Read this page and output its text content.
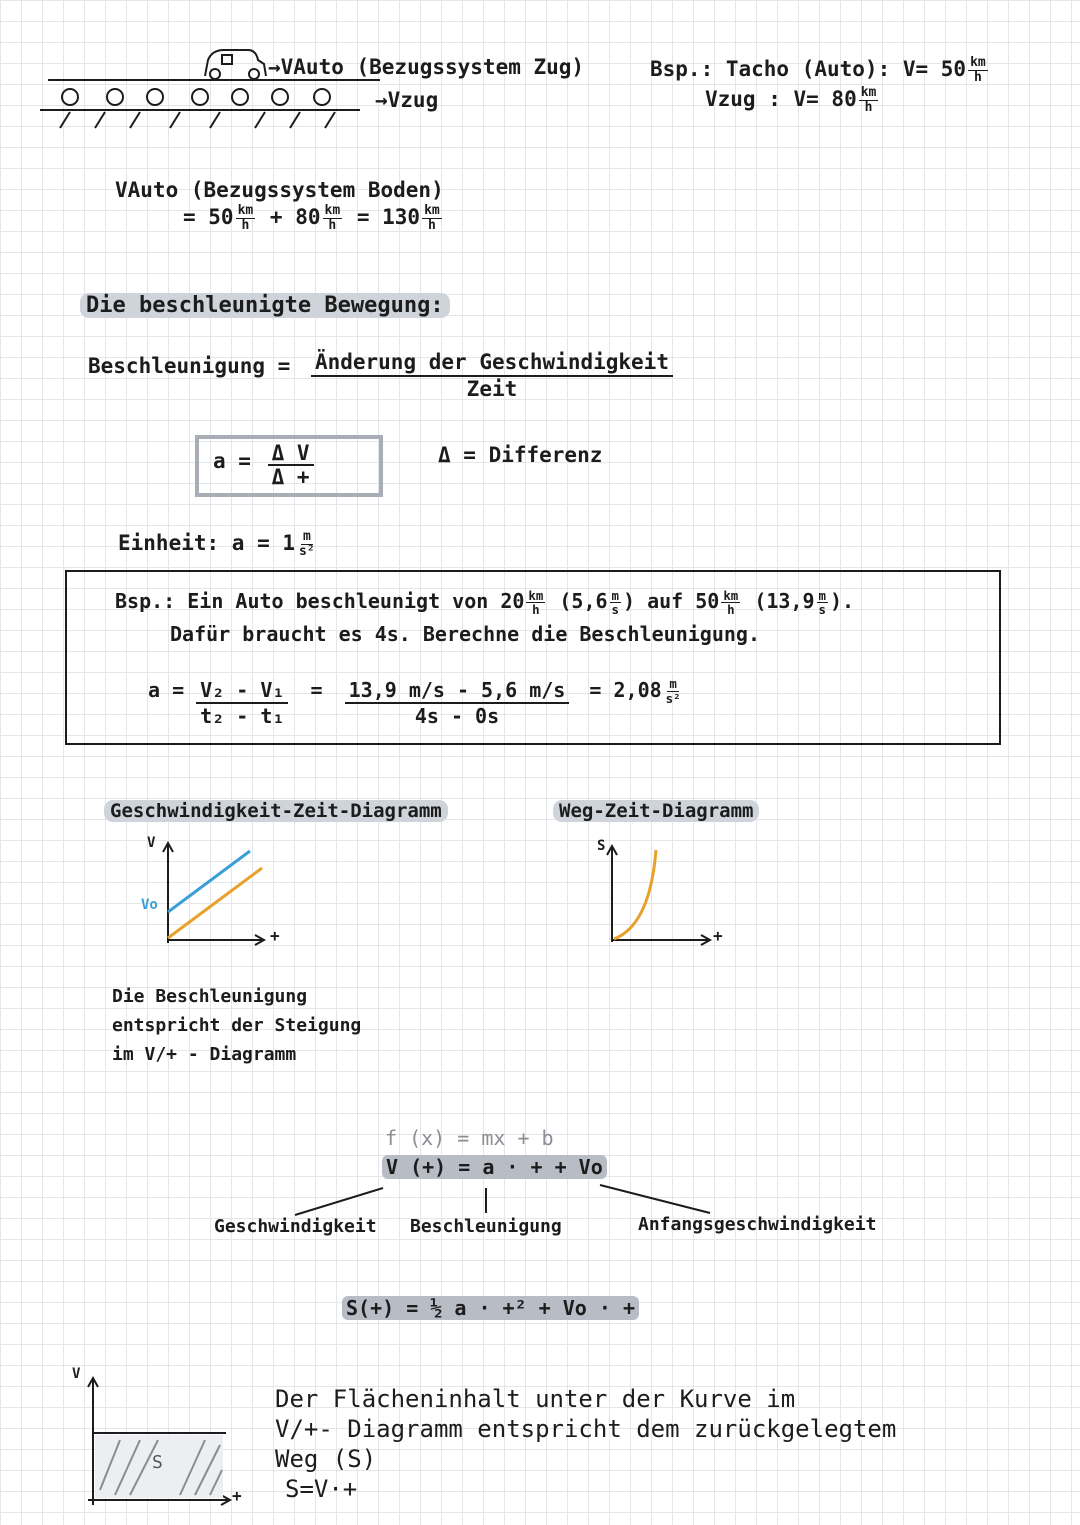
→VAuto (Bezugssystem Zug)
→Vzug
Bsp.: Tacho (Auto): $V= 50 \frac{km}{h}$
Vzug : $V= 80 \frac{km}{h}$
VAuto (Bezugssystem Boden)
= $50 \frac{km}{h} + 80 \frac{km}{h} = 130 \frac{km}{h}$
Die beschleunigte Bewegung:
Beschleunigung = $\frac{\text{Änderung der Geschwindigkeit}}{\text{Zeit}}$
$a = \frac{\text{Δ V}}{\Delta +}$	Δ = Differenz
Einheit: $a = 1 \frac{m}{\text{s²}}$
Bsp.: Ein Auto beschleunigt von $20 \frac{km}{h} (5,6 \frac{m}{s}$ ) auf $50 \frac{km}{h} (13,9 \frac{m}{s}$ ).
Dafür braucht es 4s. Berechne die Beschleunigung.
$a = \frac{\text{V₂ - V₁}}{\text{t₂ - t₁}} = \frac{13,9 m/s - 5,6 m/s}{4s - 0s} = 2,08 \frac{m}{\text{s²}}$
Geschwindigkeit-Zeit-Diagramm	Weg-Zeit-Diagramm
V
Vo
+
S
+
Die Beschleunigung
entspricht der Steigung
im V/+ - Diagramm
f (x) = mx + b
V (+) = a · + + Vo
Geschwindigkeit Beschleunigung	Anfangsgeschwindigkeit
S(+) = ½ a · +² + Vo · +
V
+
S
Der Flächeninhalt unter der Kurve im
V/+- Diagramm entspricht dem zurückgelegtem
Weg (S)
S=V·+
